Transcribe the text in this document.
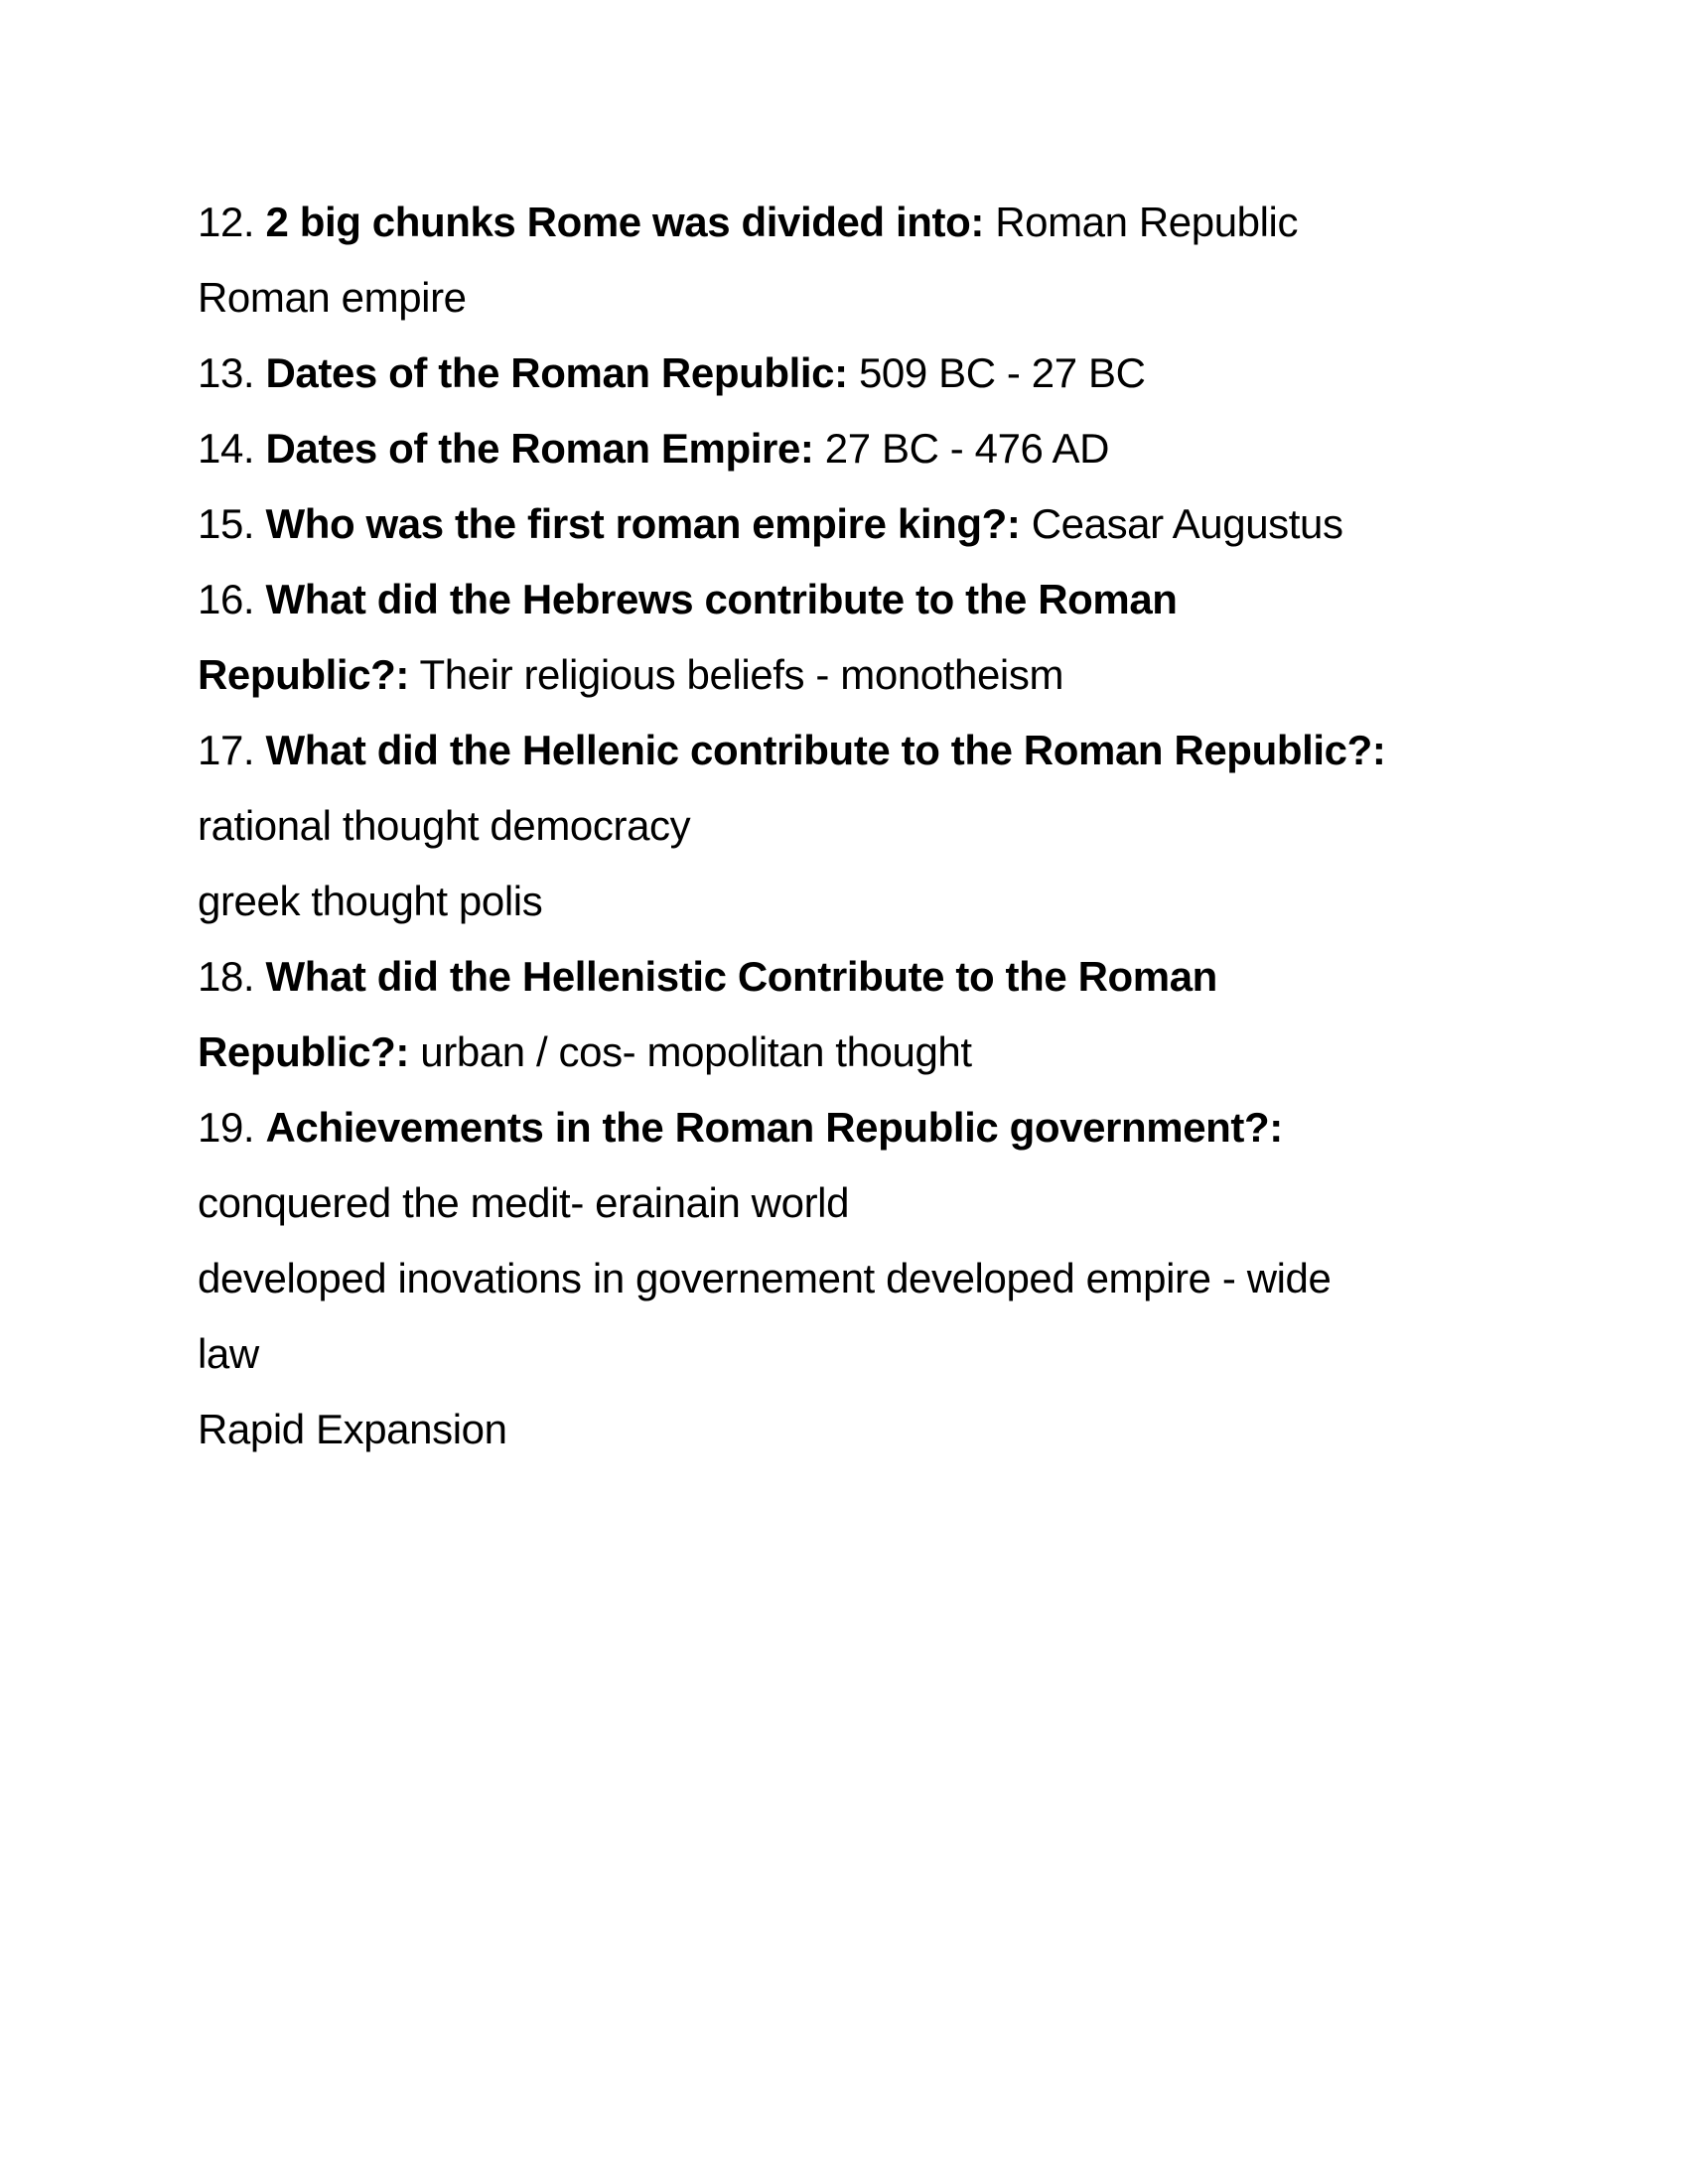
12. 2 big chunks Rome was divided into: Roman Republic
Roman empire
13. Dates of the Roman Republic: 509 BC - 27 BC
14. Dates of the Roman Empire: 27 BC - 476 AD
15. Who was the first roman empire king?: Ceasar Augustus
16. What did the Hebrews contribute to the Roman
Republic?: Their religious beliefs - monotheism
17. What did the Hellenic contribute to the Roman Republic?:
rational thought democracy
greek thought polis
18. What did the Hellenistic Contribute to the Roman
Republic?: urban / cos- mopolitan thought
19. Achievements in the Roman Republic government?:
conquered the medit- erainain world
developed inovations in governement developed empire - wide
law
Rapid Expansion
